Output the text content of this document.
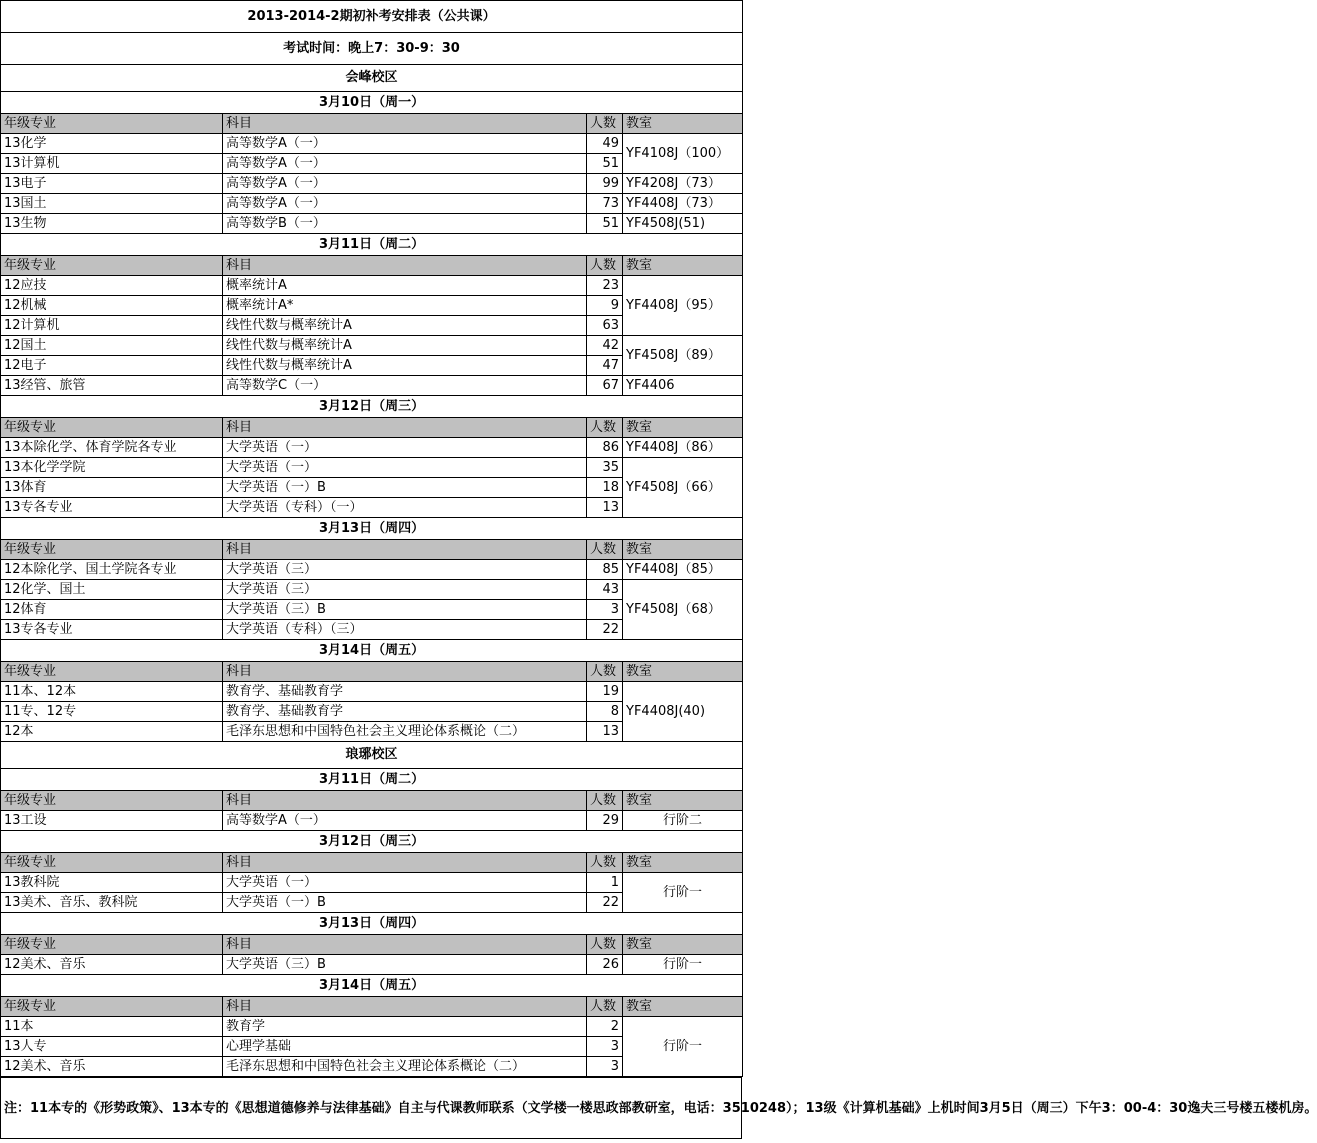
2013-2014-2期初补考安排表（公共课）			
考试时间：晚上7：30-9：30			
会峰校区			
3月10日（周一）			
年级专业	科目	人数	教室
13化学	高等数学A（一）	49	YF4108J（100）
13计算机	高等数学A（一）	51	
13电子	高等数学A（一）	99	YF4208J（73）
13国土	高等数学A（一）	73	YF4408J（73）
13生物	高等数学B（一）	51	YF4508J(51)
3月11日（周二）			
年级专业	科目	人数	教室
12应技	概率统计A	23	YF4408J（95）
12机械	概率统计A*	9	
12计算机	线性代数与概率统计A	63	
12国土	线性代数与概率统计A	42	YF4508J（89）
12电子	线性代数与概率统计A	47	
13经管、旅管	高等数学C（一）	67	YF4406
3月12日（周三）			
年级专业	科目	人数	教室
13本除化学、体育学院各专业	大学英语（一）	86	YF4408J（86）
13本化学学院	大学英语（一）	35	YF4508J（66）
13体育	大学英语（一）B	18	
13专各专业	大学英语（专科）（一）	13	
3月13日（周四）			
年级专业	科目	人数	教室
12本除化学、国土学院各专业	大学英语（三）	85	YF4408J（85）
12化学、国土	大学英语（三）	43	YF4508J（68）
12体育	大学英语（三）B	3	
13专各专业	大学英语（专科）（三）	22	
3月14日（周五）			
年级专业	科目	人数	教室
11本、12本	教育学、基础教育学	19	YF4408J(40)
11专、12专	教育学、基础教育学	8	
12本	毛泽东思想和中国特色社会主义理论体系概论（二）	13	
琅琊校区			
3月11日（周二）			
年级专业	科目	人数	教室
13工设	高等数学A（一）	29	行阶二
3月12日（周三）			
年级专业	科目	人数	教室
13教科院	大学英语（一）	1	行阶一
13美术、音乐、教科院	大学英语（一）B	22	
3月13日（周四）			
年级专业	科目	人数	教室
12美术、音乐	大学英语（三）B	26	行阶一
3月14日（周五）			
年级专业	科目	人数	教室
11本	教育学	2	行阶一
13人专	心理学基础	3	
12美术、音乐	毛泽东思想和中国特色社会主义理论体系概论（二）	3	
注：11本专的《形势政策》、13本专的《思想道德修养与法律基础》自主与代课教师联系（文学楼一楼思政部教研室，电话：3510248）；13级《计算机基础》上机时间3月5日（周三）下午3：00-4：30逸夫三号楼五楼机房。
